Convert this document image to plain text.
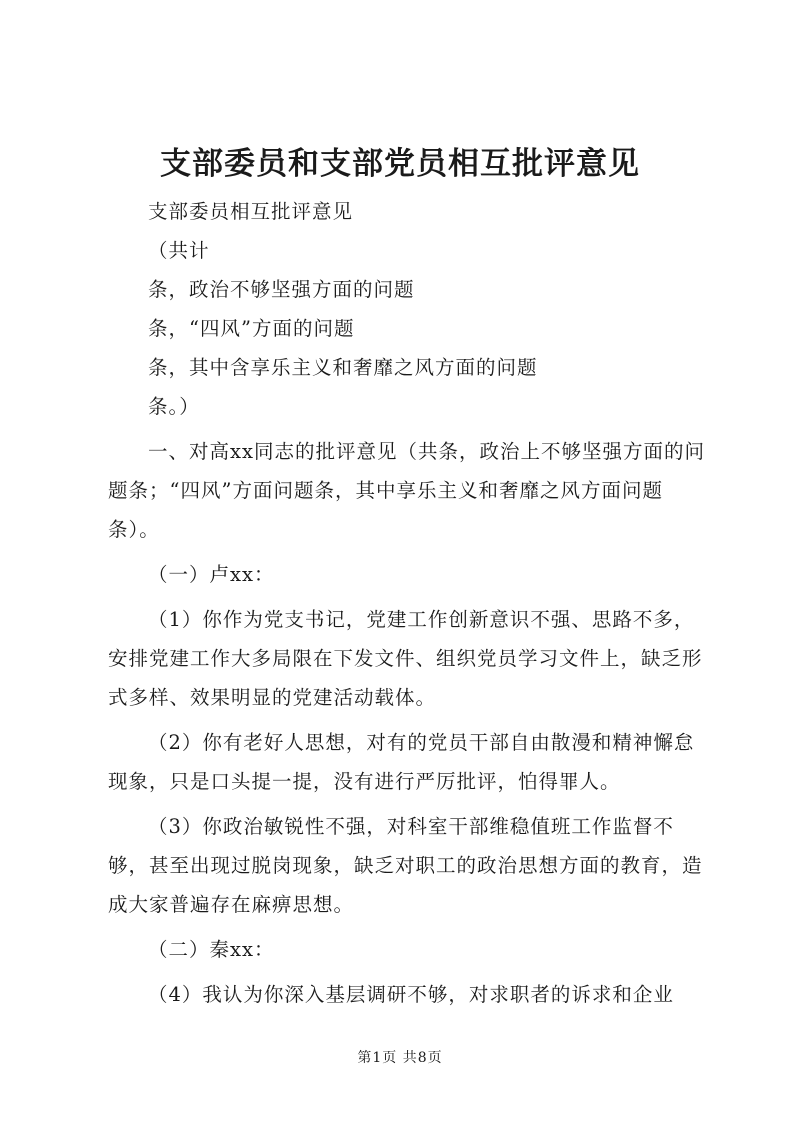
支部委员和支部党员相互批评意见

支部委员相互批评意见

（共计

条，政治不够坚强方面的问题

条，“四风”方面的问题

条，其中含享乐主义和奢靡之风方面的问题

条。）

一、对高xx同志的批评意见（共条，政治上不够坚强方面的问题条；“四风”方面问题条，其中享乐主义和奢靡之风方面问题条）。

（一）卢xx：

（1）你作为党支书记，党建工作创新意识不强、思路不多，安排党建工作大多局限在下发文件、组织党员学习文件上，缺乏形式多样、效果明显的党建活动载体。

（2）你有老好人思想，对有的党员干部自由散漫和精神懈怠现象，只是口头提一提，没有进行严厉批评，怕得罪人。

（3）你政治敏锐性不强，对科室干部维稳值班工作监督不够，甚至出现过脱岗现象，缺乏对职工的政治思想方面的教育，造成大家普遍存在麻痹思想。

（二）秦xx：

（4）我认为你深入基层调研不够，对求职者的诉求和企业

第1页 共8页
